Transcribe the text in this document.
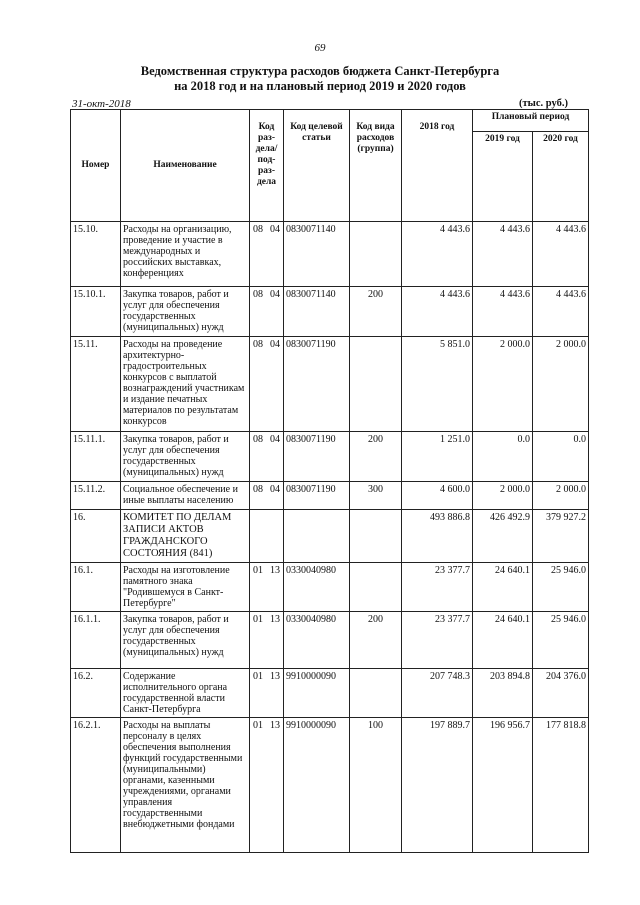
69
Ведомственная структура расходов бюджета Санкт-Петербурга
на 2018 год и на плановый период 2019 и 2020 годов
31-окт-2018	(тыс. руб.)
Номер	Наименование	Код раз- дела/ под- раз- дела	Код целевой статьи	Код вида расходов (группа)	2018 год	Плановый период	
						2019 год	2020 год
15.10.	Расходы на организацию, проведение и участие в международных и российских выставках, конференциях	08 04	0830071140		4 443.6	4 443.6	4 443.6
15.10.1.	Закупка товаров, работ и услуг для обеспечения государственных (муниципальных) нужд	08 04	0830071140	200	4 443.6	4 443.6	4 443.6
15.11.	Расходы на проведение архитектурно-градостроительных конкурсов с выплатой вознаграждений участникам и издание печатных материалов по результатам конкурсов	08 04	0830071190		5 851.0	2 000.0	2 000.0
15.11.1.	Закупка товаров, работ и услуг для обеспечения государственных (муниципальных) нужд	08 04	0830071190	200	1 251.0	0.0	0.0
15.11.2.	Социальное обеспечение и иные выплаты населению	08 04	0830071190	300	4 600.0	2 000.0	2 000.0
16.	КОМИТЕТ ПО ДЕЛАМ ЗАПИСИ АКТОВ ГРАЖДАНСКОГО СОСТОЯНИЯ (841)				493 886.8	426 492.9	379 927.2
16.1.	Расходы на изготовление памятного знака "Родившемуся в Санкт-Петербурге"	01 13	0330040980		23 377.7	24 640.1	25 946.0
16.1.1.	Закупка товаров, работ и услуг для обеспечения государственных (муниципальных) нужд	01 13	0330040980	200	23 377.7	24 640.1	25 946.0
16.2.	Содержание исполнительного органа государственной власти Санкт-Петербурга	01 13	9910000090		207 748.3	203 894.8	204 376.0
16.2.1.	Расходы на выплаты персоналу в целях обеспечения выполнения функций государственными (муниципальными) органами, казенными учреждениями, органами управления государственными внебюджетными фондами	01 13	9910000090	100	197 889.7	196 956.7	177 818.8
